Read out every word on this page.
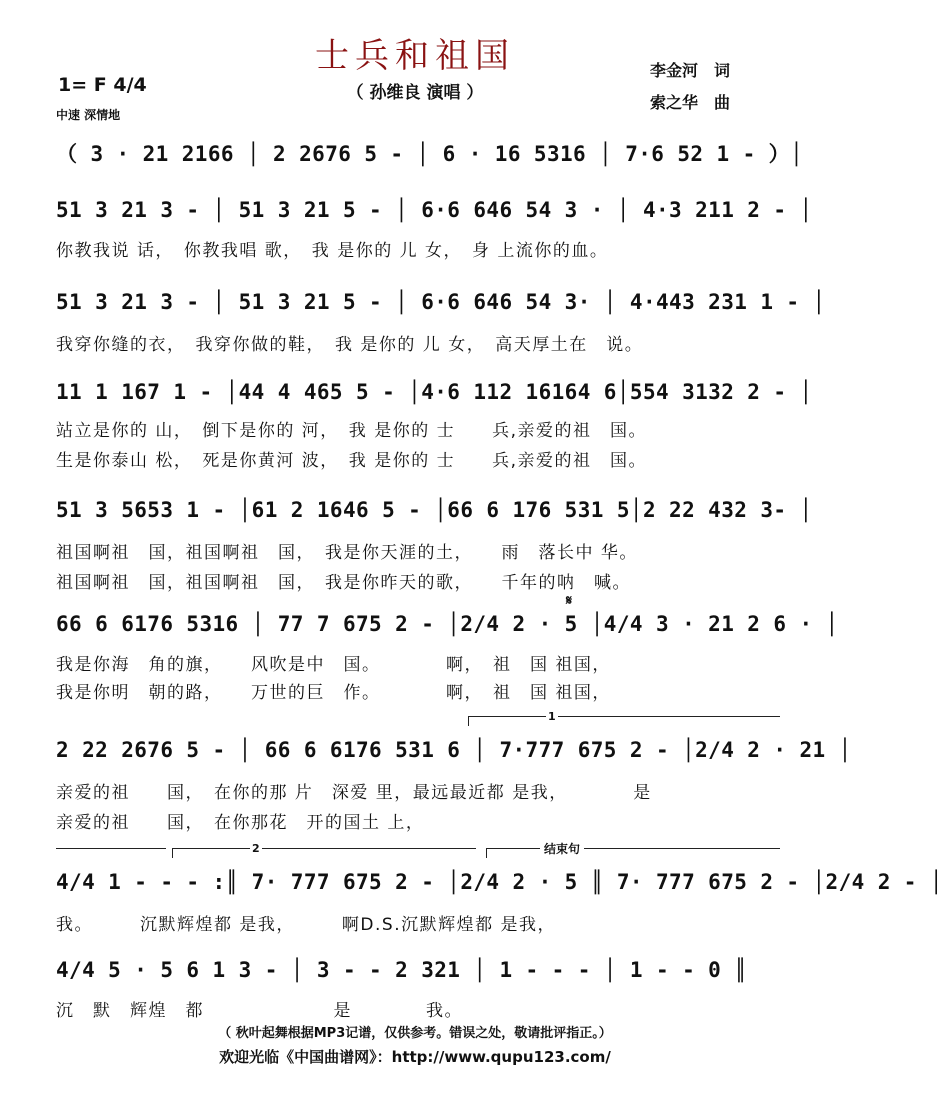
士兵和祖国
（ 孙维良 演唱 ）
1= F 4/4
中速 深情地
李金河　词
索之华　曲
（ 3 · 21 2166 │ 2 2676 5 - │ 6 · 16 5316 │ 7·6 52 1 - ）│
51 3 21 3 - │ 51 3 21 5 - │ 6·6 646 54 3 · │ 4·3 211 2 - │
你教我说 话，　你教我唱 歌，　我 是你的 儿 女，　身 上流你的血。
51 3 21 3 - │ 51 3 21 5 - │ 6·6 646 54 3· │ 4·443 231 1 - │
我穿你缝的衣，　我穿你做的鞋，　我 是你的 儿 女，　高天厚土在　说。
11 1 167 1 - │44 4 465 5 - │4·6 112 16164 6│554 3132 2 - │
站立是你的 山，　倒下是你的 河，　我 是你的 士　　兵,亲爱的祖　国。
生是你泰山 松，　死是你黄河 波，　我 是你的 士　　兵,亲爱的祖　国。
51 3 5653 1 - │61 2 1646 5 - │66 6 176 531 5│2 22 432 3- │
祖国啊祖　国，祖国啊祖　国，　我是你天涯的土，　　雨　落长中 华。
祖国啊祖　国，祖国啊祖　国，　我是你昨天的歌，　　千年的呐　喊。
𝄋
66 6 6176 5316 │ 77 7 675 2 - │2/4 2 · 5 │4/4 3 · 21 2 6 · │
我是你海　角的旗，　　风吹是中　国。　　　　啊，　祖　国 祖国，
我是你明　朝的路，　　万世的巨　作。　　　　啊，　祖　国 祖国，
1
2 22 2676 5 - │ 66 6 6176 531 6 │ 7·777 675 2 - │2/4 2 · 21 │
亲爱的祖　　国，　在你的那 片　深爱 里，最远最近都 是我，　　　　是
亲爱的祖　　国，　在你那花　开的国土 上，
2	结束句
4/4 1 - - - :║ 7· 777 675 2 - │2/4 2 · 5 ║ 7· 777 675 2 - │2/4 2 - │
我。　　　沉默辉煌都 是我，　　　啊D.S.沉默辉煌都 是我，
4/4 5 · 5 6 1 3 - │ 3 - - 2 321 │ 1 - - - │ 1 - - 0 ║
沉　默　辉煌　都　　　　　　　是　　　　我。
（ 秋叶起舞根据MP3记谱，仅供参考。错误之处，敬请批评指正。）
欢迎光临《中国曲谱网》：http://www.qupu123.com/
